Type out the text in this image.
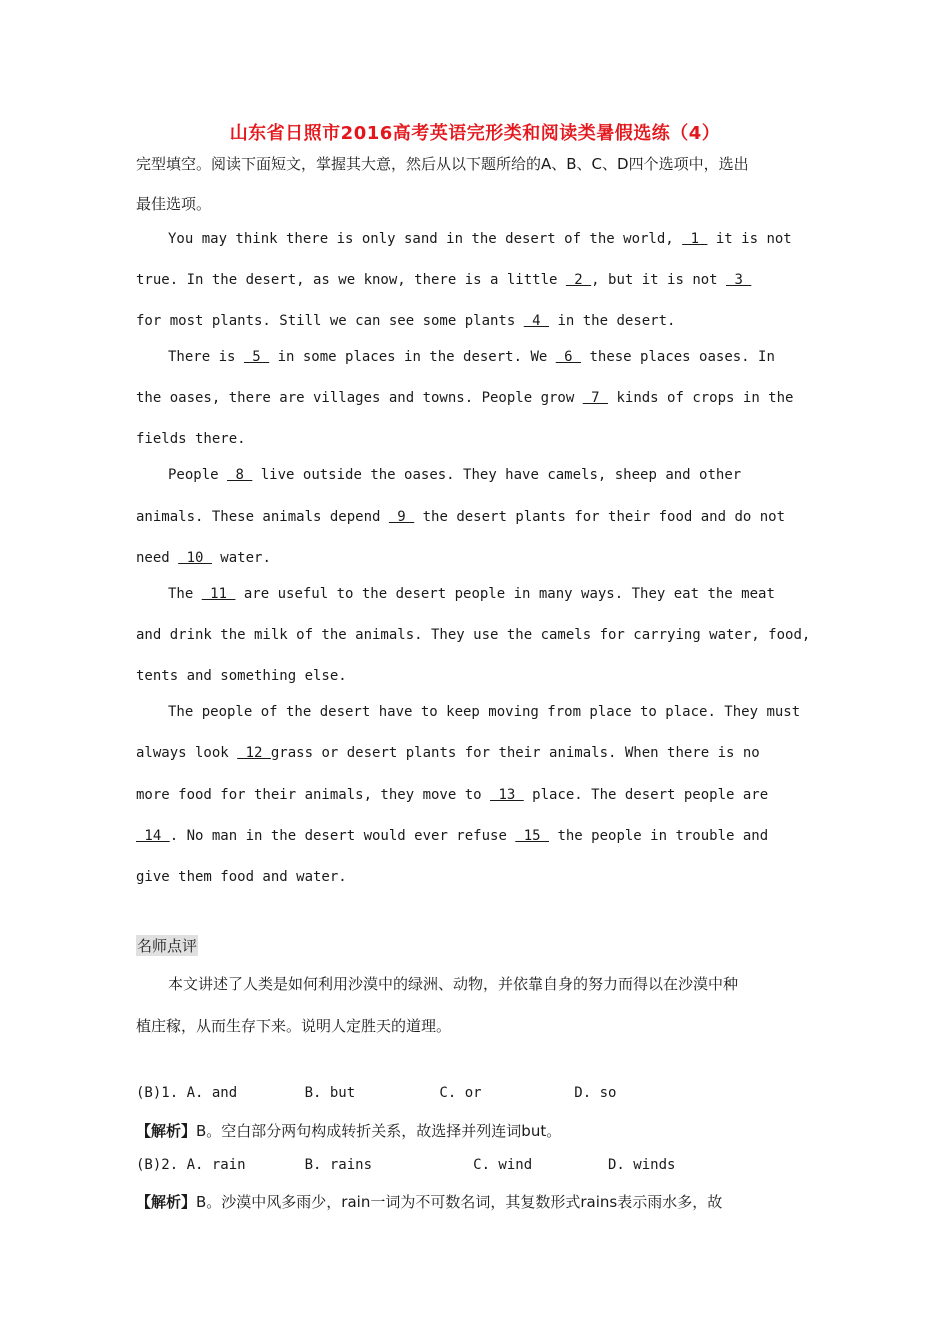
山东省日照市2016高考英语完形类和阅读类暑假选练（4）
完型填空。阅读下面短文，掌握其大意，然后从以下题所给的A、B、C、D四个选项中，选出
最佳选项。
You may think there is only sand in the desert of the world,  1  it is not
true. In the desert, as we know, there is a little  2 , but it is not  3
for most plants. Still we can see some plants  4  in the desert.
There is  5  in some places in the desert. We  6  these places oases. In
the oases, there are villages and towns. People grow  7  kinds of crops in the
fields there.
People  8  live outside the oases. They have camels, sheep and other
animals. These animals depend  9  the desert plants for their food and do not
need  10  water.
The  11  are useful to the desert people in many ways. They eat the meat
and drink the milk of the animals. They use the camels for carrying water, food,
tents and something else.
The people of the desert have to keep moving from place to place. They must
always look  12 grass or desert plants for their animals. When there is no
more food for their animals, they move to  13  place. The desert people are
14 . No man in the desert would ever refuse  15  the people in trouble and
give them food and water.
名师点评
本文讲述了人类是如何利用沙漠中的绿洲、动物，并依靠自身的努力而得以在沙漠中种
植庄稼，从而生存下来。说明人定胜天的道理。
(B)1. A. and        B. but          C. or           D. so
【解析】B。空白部分两句构成转折关系，故选择并列连词but。
(B)2. A. rain       B. rains            C. wind         D. winds
【解析】B。沙漠中风多雨少，rain一词为不可数名词，其复数形式rains表示雨水多，故
